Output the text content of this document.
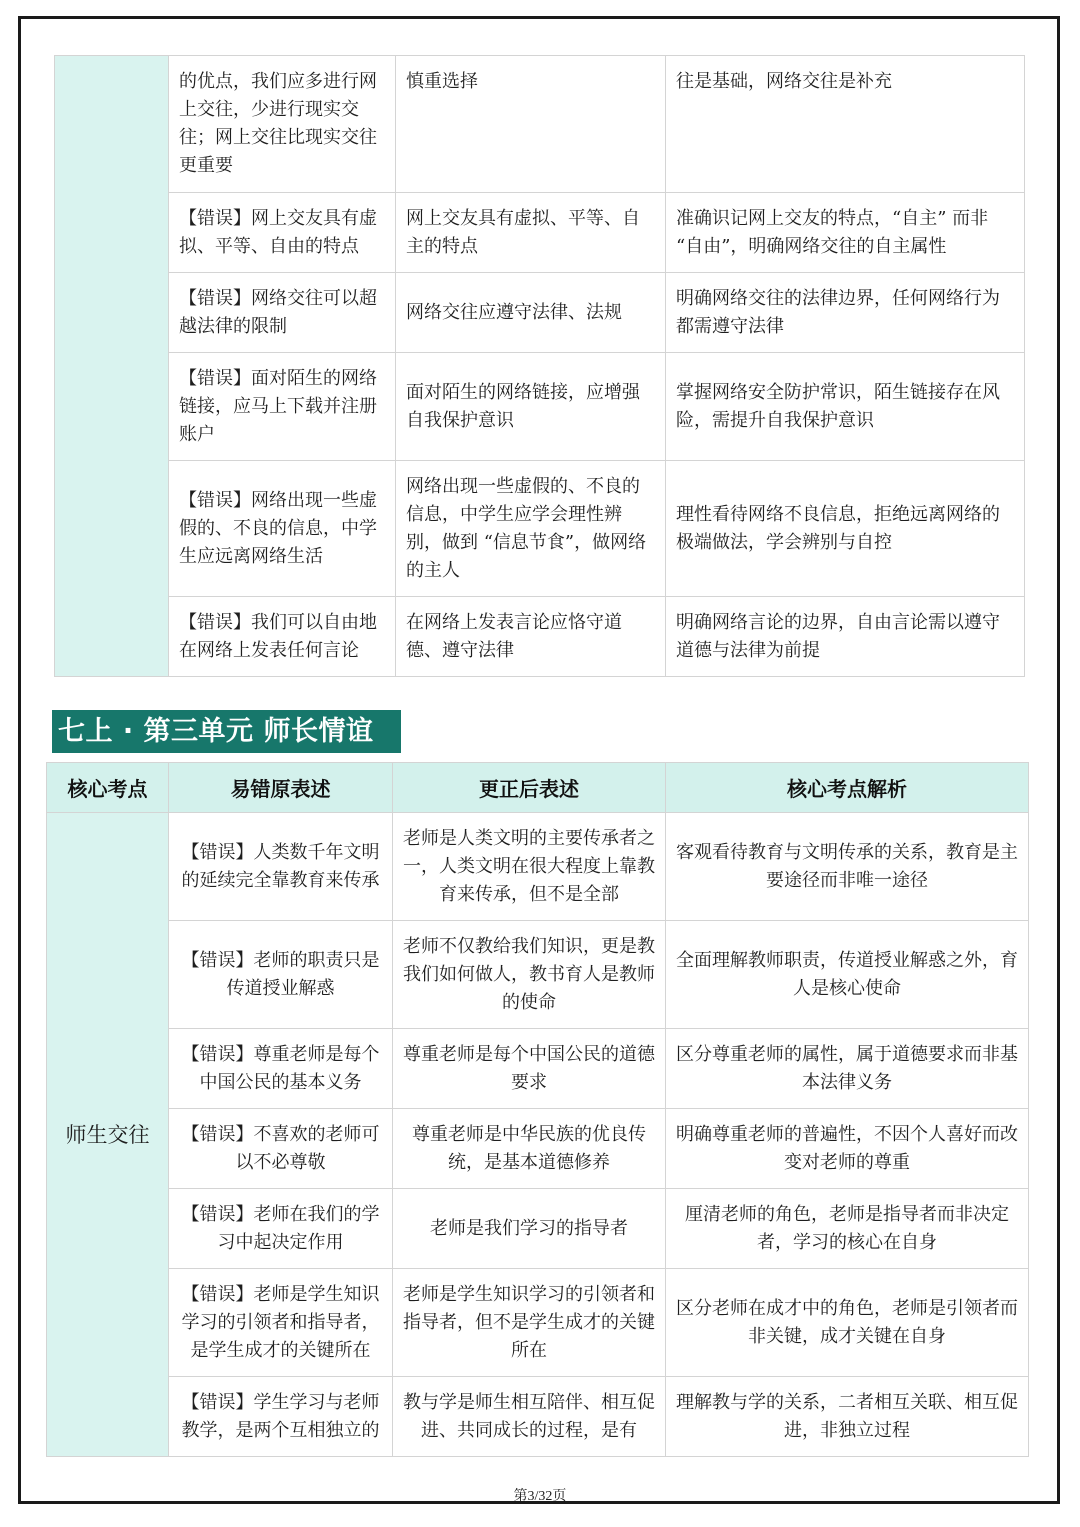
	的优点，我们应多进行网上交往，少进行现实交往；网上交往比现实交往更重要	慎重选择	往是基础，网络交往是补充
	【错误】网上交友具有虚拟、平等、自由的特点	网上交友具有虚拟、平等、自主的特点	准确识记网上交友的特点，“自主” 而非 “自由”，明确网络交往的自主属性
	【错误】网络交往可以超越法律的限制	网络交往应遵守法律、法规	明确网络交往的法律边界，任何网络行为都需遵守法律
	【错误】面对陌生的网络链接，应马上下载并注册账户	面对陌生的网络链接，应增强自我保护意识	掌握网络安全防护常识，陌生链接存在风险，需提升自我保护意识
	【错误】网络出现一些虚假的、不良的信息，中学生应远离网络生活	网络出现一些虚假的、不良的信息，中学生应学会理性辨别，做到 “信息节食”，做网络的主人	理性看待网络不良信息，拒绝远离网络的极端做法，学会辨别与自控
	【错误】我们可以自由地在网络上发表任何言论	在网络上发表言论应恪守道德、遵守法律	明确网络言论的边界，自由言论需以遵守道德与法律为前提
七上 · 第三单元 师长情谊
核心考点	易错原表述	更正后表述	核心考点解析
师生交往	【错误】人类数千年文明的延续完全靠教育来传承	老师是人类文明的主要传承者之一，人类文明在很大程度上靠教育来传承，但不是全部	客观看待教育与文明传承的关系，教育是主要途径而非唯一途径
	【错误】老师的职责只是传道授业解惑	老师不仅教给我们知识，更是教我们如何做人，教书育人是教师的使命	全面理解教师职责，传道授业解惑之外，育人是核心使命
	【错误】尊重老师是每个中国公民的基本义务	尊重老师是每个中国公民的道德要求	区分尊重老师的属性，属于道德要求而非基本法律义务
	【错误】不喜欢的老师可以不必尊敬	尊重老师是中华民族的优良传统，是基本道德修养	明确尊重老师的普遍性，不因个人喜好而改变对老师的尊重
	【错误】老师在我们的学习中起决定作用	老师是我们学习的指导者	厘清老师的角色，老师是指导者而非决定者，学习的核心在自身
	【错误】老师是学生知识学习的引领者和指导者，是学生成才的关键所在	老师是学生知识学习的引领者和指导者，但不是学生成才的关键所在	区分老师在成才中的角色，老师是引领者而非关键，成才关键在自身
	【错误】学生学习与老师教学，是两个互相独立的	教与学是师生相互陪伴、相互促进、共同成长的过程，是有	理解教与学的关系，二者相互关联、相互促进，非独立过程
第3/32页
